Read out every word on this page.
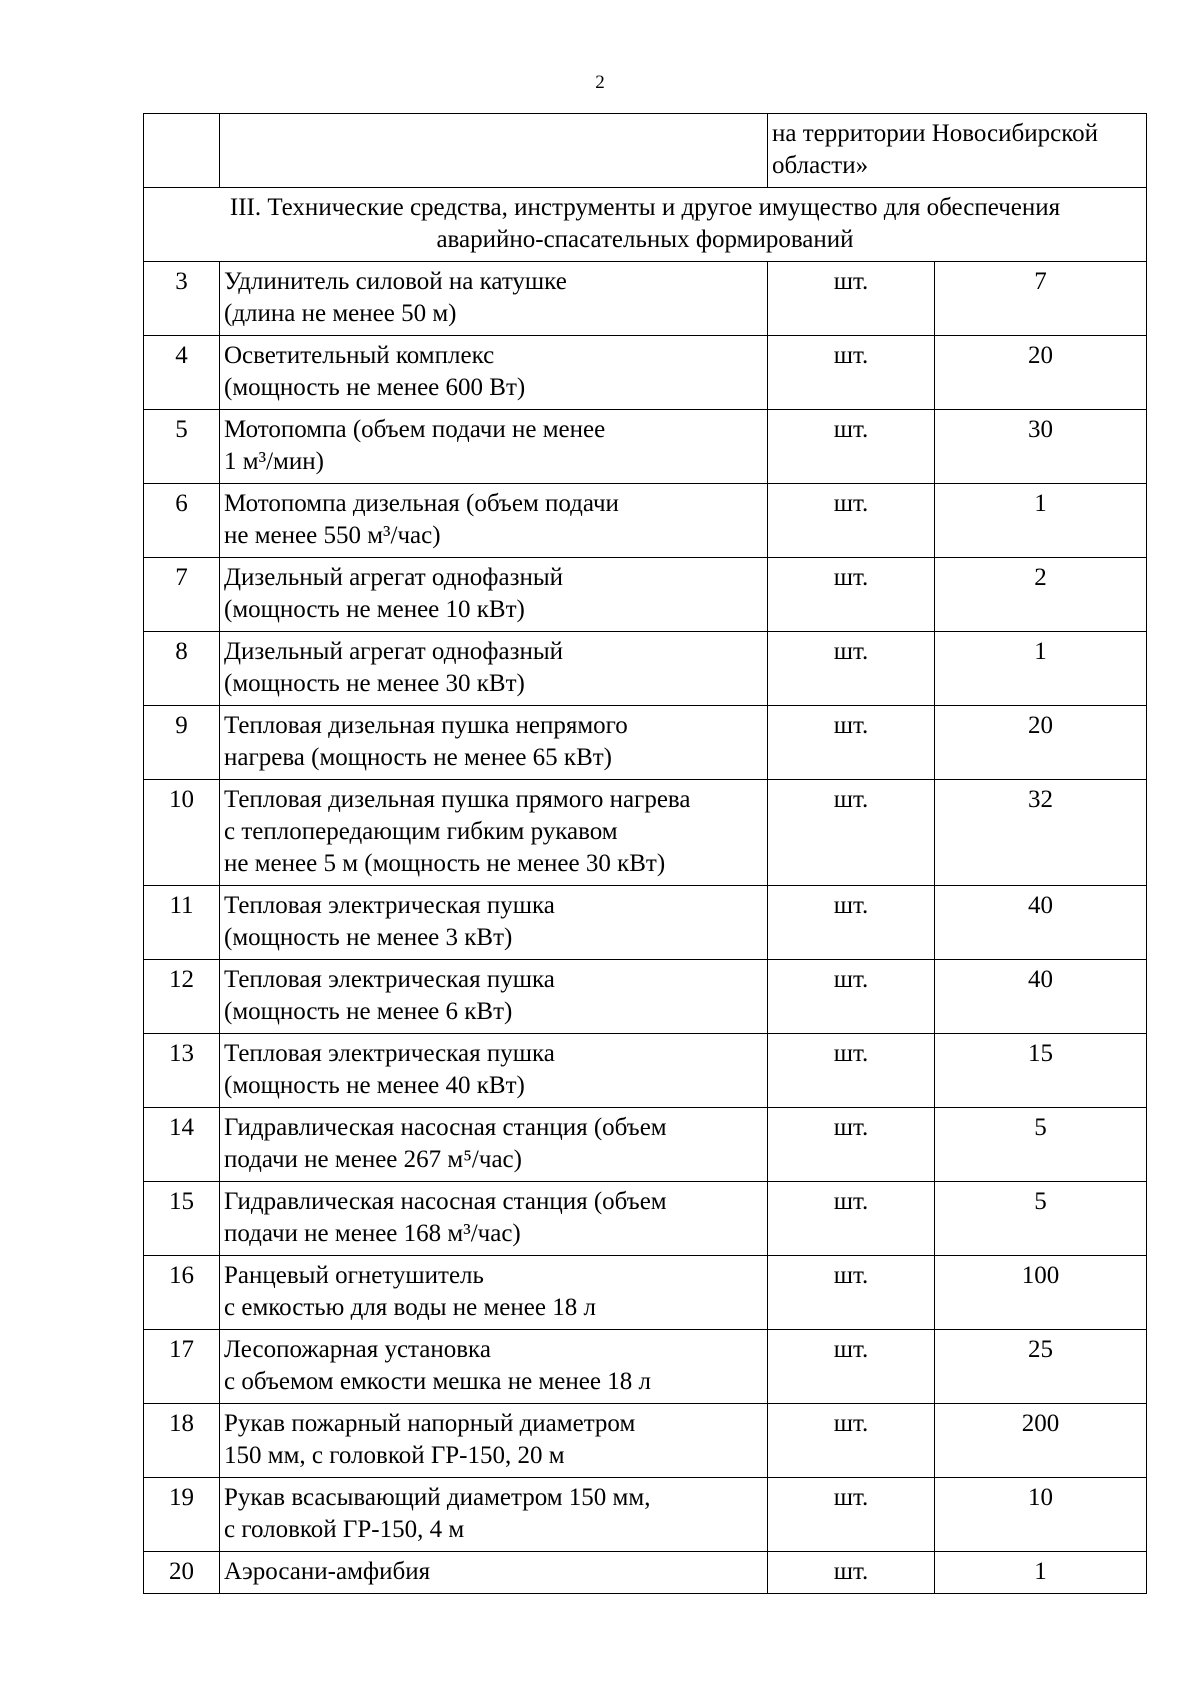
2
		на территории Новосибирской
области»	
III. Технические средства, инструменты и другое имущество для обеспечения
аварийно-спасательных формирований			
3	Удлинитель силовой на катушке
(длина не менее 50 м)	шт.	7
4	Осветительный комплекс
(мощность не менее 600 Вт)	шт.	20
5	Мотопомпа (объем подачи не менее
1 м³/мин)	шт.	30
6	Мотопомпа дизельная (объем подачи
не менее 550 м³/час)	шт.	1
7	Дизельный агрегат однофазный
(мощность не менее 10 кВт)	шт.	2
8	Дизельный агрегат однофазный
(мощность не менее 30 кВт)	шт.	1
9	Тепловая дизельная пушка непрямого
нагрева (мощность не менее 65 кВт)	шт.	20
10	Тепловая дизельная пушка прямого нагрева
с теплопередающим гибким рукавом
не менее 5 м (мощность не менее 30 кВт)	шт.	32
11	Тепловая электрическая пушка
(мощность не менее 3 кВт)	шт.	40
12	Тепловая электрическая пушка
(мощность не менее 6 кВт)	шт.	40
13	Тепловая электрическая пушка
(мощность не менее 40 кВт)	шт.	15
14	Гидравлическая насосная станция (объем
подачи не менее 267 м⁵/час)	шт.	5
15	Гидравлическая насосная станция (объем
подачи не менее 168 м³/час)	шт.	5
16	Ранцевый огнетушитель
с емкостью для воды не менее 18 л	шт.	100
17	Лесопожарная установка
с объемом емкости мешка не менее 18 л	шт.	25
18	Рукав пожарный напорный диаметром
150 мм, с головкой ГР-150, 20 м	шт.	200
19	Рукав всасывающий диаметром 150 мм,
с головкой ГР-150, 4 м	шт.	10
20	Аэросани-амфибия	шт.	1
